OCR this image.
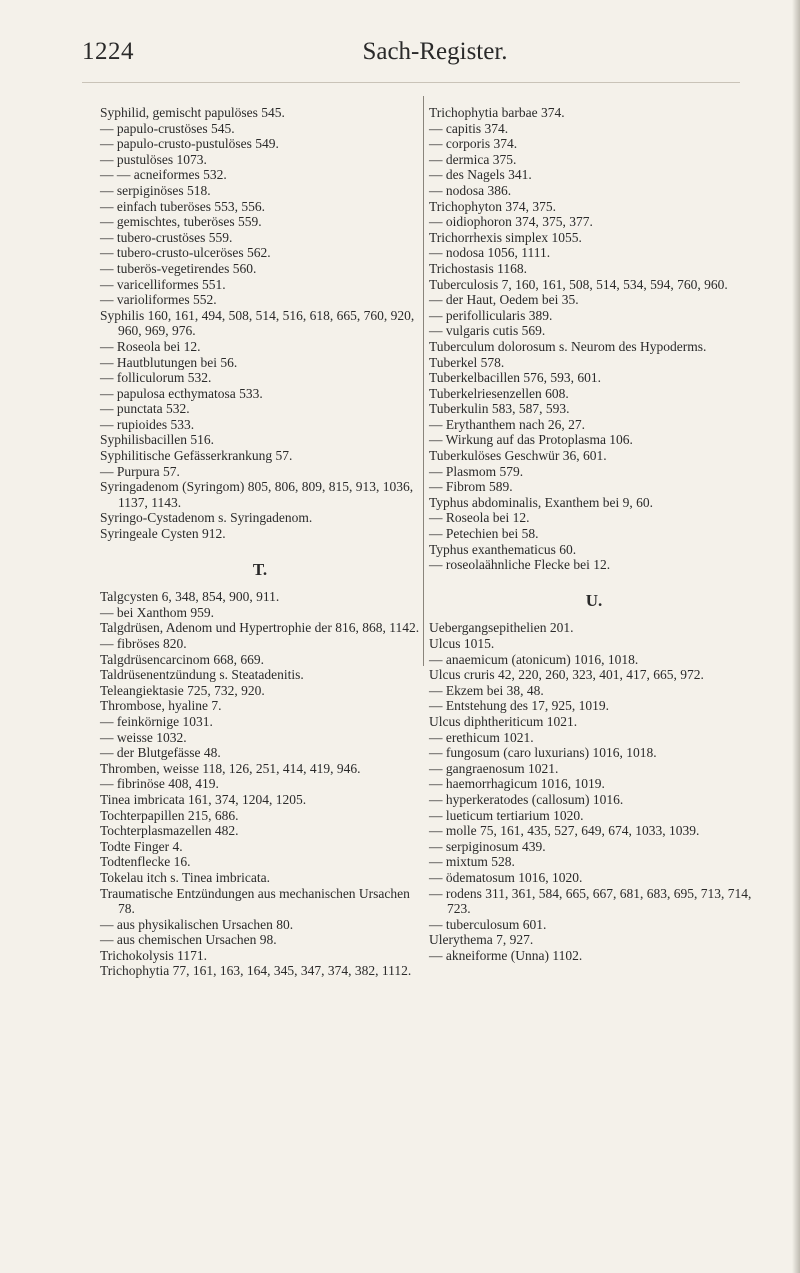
1224	Sach-Register.
Syphilid, gemischt papulöses 545.
— papulo-crustöses 545.
— papulo-crusto-pustulöses 549.
— pustulöses 1073.
— — acneiformes 532.
— serpiginöses 518.
— einfach tuberöses 553, 556.
— gemischtes, tuberöses 559.
— tubero-crustöses 559.
— tubero-crusto-ulceröses 562.
— tuberös-vegetirendes 560.
— varicelliformes 551.
— varioliformes 552.
Syphilis 160, 161, 494, 508, 514, 516, 618, 665, 760, 920, 960, 969, 976.
— Roseola bei 12.
— Hautblutungen bei 56.
— folliculorum 532.
— papulosa ecthymatosa 533.
— punctata 532.
— rupioides 533.
Syphilisbacillen 516.
Syphilitische Gefässerkrankung 57.
— Purpura 57.
Syringadenom (Syringom) 805, 806, 809, 815, 913, 1036, 1137, 1143.
Syringo-Cystadenom s. Syringadenom.
Syringeale Cysten 912.
T.
Talgcysten 6, 348, 854, 900, 911.
— bei Xanthom 959.
Talgdrüsen, Adenom und Hypertrophie der 816, 868, 1142.
— fibröses 820.
Talgdrüsencarcinom 668, 669.
Taldrüsenentzündung s. Steatadenitis.
Teleangiektasie 725, 732, 920.
Thrombose, hyaline 7.
— feinkörnige 1031.
— weisse 1032.
— der Blutgefässe 48.
Thromben, weisse 118, 126, 251, 414, 419, 946.
— fibrinöse 408, 419.
Tinea imbricata 161, 374, 1204, 1205.
Tochterpapillen 215, 686.
Tochterplasmazellen 482.
Todte Finger 4.
Todtenflecke 16.
Tokelau itch s. Tinea imbricata.
Traumatische Entzündungen aus mechanischen Ursachen 78.
— aus physikalischen Ursachen 80.
— aus chemischen Ursachen 98.
Trichokolysis 1171.
Trichophytia 77, 161, 163, 164, 345, 347, 374, 382, 1112.
Trichophytia barbae 374.
— capitis 374.
— corporis 374.
— dermica 375.
— des Nagels 341.
— nodosa 386.
Trichophyton 374, 375.
— oidiophoron 374, 375, 377.
Trichorrhexis simplex 1055.
— nodosa 1056, 1111.
Trichostasis 1168.
Tuberculosis 7, 160, 161, 508, 514, 534, 594, 760, 960.
— der Haut, Oedem bei 35.
— perifollicularis 389.
— vulgaris cutis 569.
Tuberculum dolorosum s. Neurom des Hypoderms.
Tuberkel 578.
Tuberkelbacillen 576, 593, 601.
Tuberkelriesenzellen 608.
Tuberkulin 583, 587, 593.
— Erythanthem nach 26, 27.
— Wirkung auf das Protoplasma 106.
Tuberkulöses Geschwür 36, 601.
— Plasmom 579.
— Fibrom 589.
Typhus abdominalis, Exanthem bei 9, 60.
— Roseola bei 12.
— Petechien bei 58.
Typhus exanthematicus 60.
— roseolaähnliche Flecke bei 12.
U.
Uebergangsepithelien 201.
Ulcus 1015.
— anaemicum (atonicum) 1016, 1018.
Ulcus cruris 42, 220, 260, 323, 401, 417, 665, 972.
— Ekzem bei 38, 48.
— Entstehung des 17, 925, 1019.
Ulcus diphtheriticum 1021.
— erethicum 1021.
— fungosum (caro luxurians) 1016, 1018.
— gangraenosum 1021.
— haemorrhagicum 1016, 1019.
— hyperkeratodes (callosum) 1016.
— lueticum tertiarium 1020.
— molle 75, 161, 435, 527, 649, 674, 1033, 1039.
— serpiginosum 439.
— mixtum 528.
— ödematosum 1016, 1020.
— rodens 311, 361, 584, 665, 667, 681, 683, 695, 713, 714, 723.
— tuberculosum 601.
Ulerythema 7, 927.
— akneiforme (Unna) 1102.
